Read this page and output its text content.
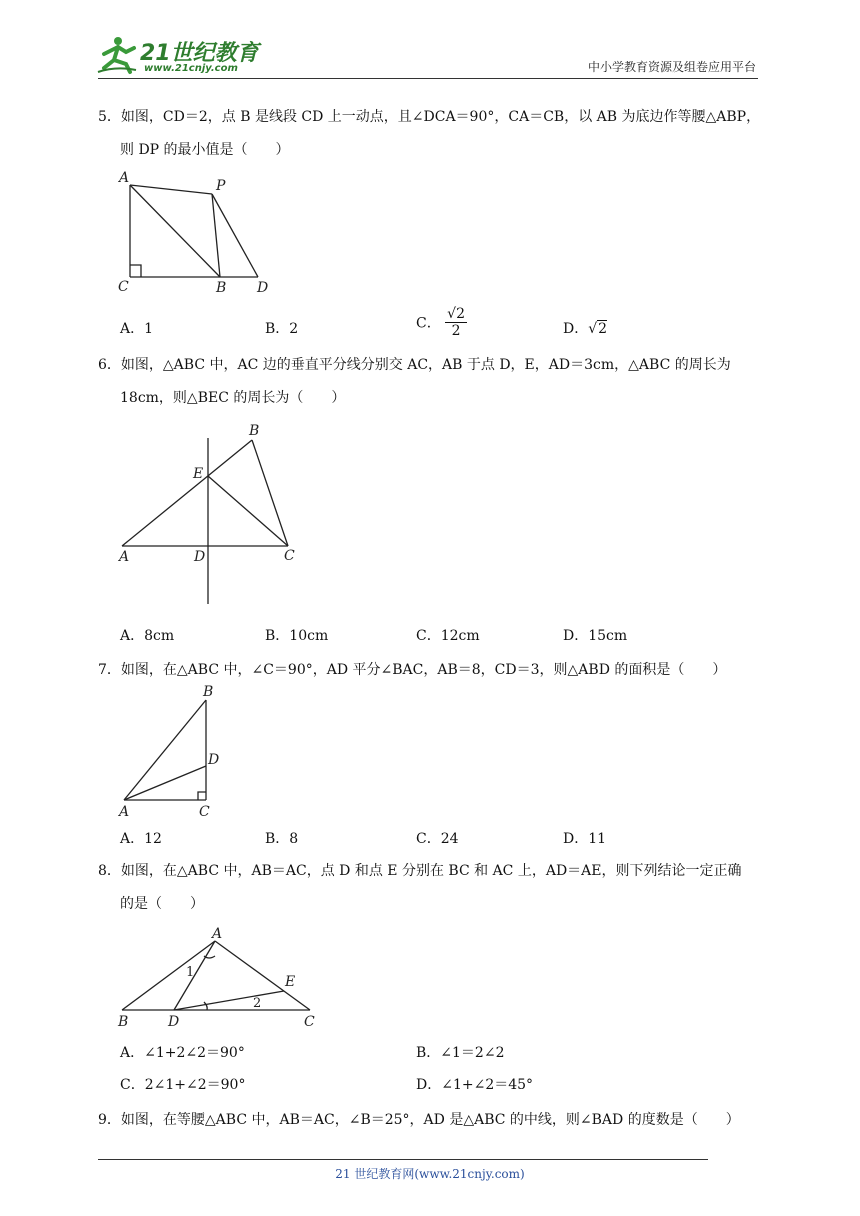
21世纪教育
www.21cnjy.com	中小学教育资源及组卷应用平台
5．如图，CD＝2，点 B 是线段 CD 上一动点，且∠DCA＝90°，CA＝CB，以 AB 为底边作等腰△ABP，
则 DP 的最小值是（　　）
A	P
C	B D
A．1	B．2	C． $\frac{√2}{2}$	D．√2
6．如图，△ABC 中，AC 边的垂直平分线分别交 AC，AB 于点 D，E，AD＝3cm，△ABC 的周长为
18cm，则△BEC 的周长为（　　）
B
E
A	D	C
A．8cm	B．10cm	C．12cm	D．15cm
7．如图，在△ABC 中，∠C＝90°，AD 平分∠BAC，AB＝8，CD＝3，则△ABD 的面积是（　　）
B
D
A	C
A．12	B．8	C．24	D．11
8．如图，在△ABC 中，AB＝AC，点 D 和点 E 分别在 BC 和 AC 上，AD＝AE，则下列结论一定正确
的是（　　）
A
E
B	D	C
1
2
A．∠1+2∠2＝90°	B．∠1＝2∠2
C．2∠1+∠2＝90°	D．∠1+∠2＝45°
9．如图，在等腰△ABC 中，AB＝AC，∠B＝25°，AD 是△ABC 的中线，则∠BAD 的度数是（　　）
21 世纪教育网(www.21cnjy.com)
